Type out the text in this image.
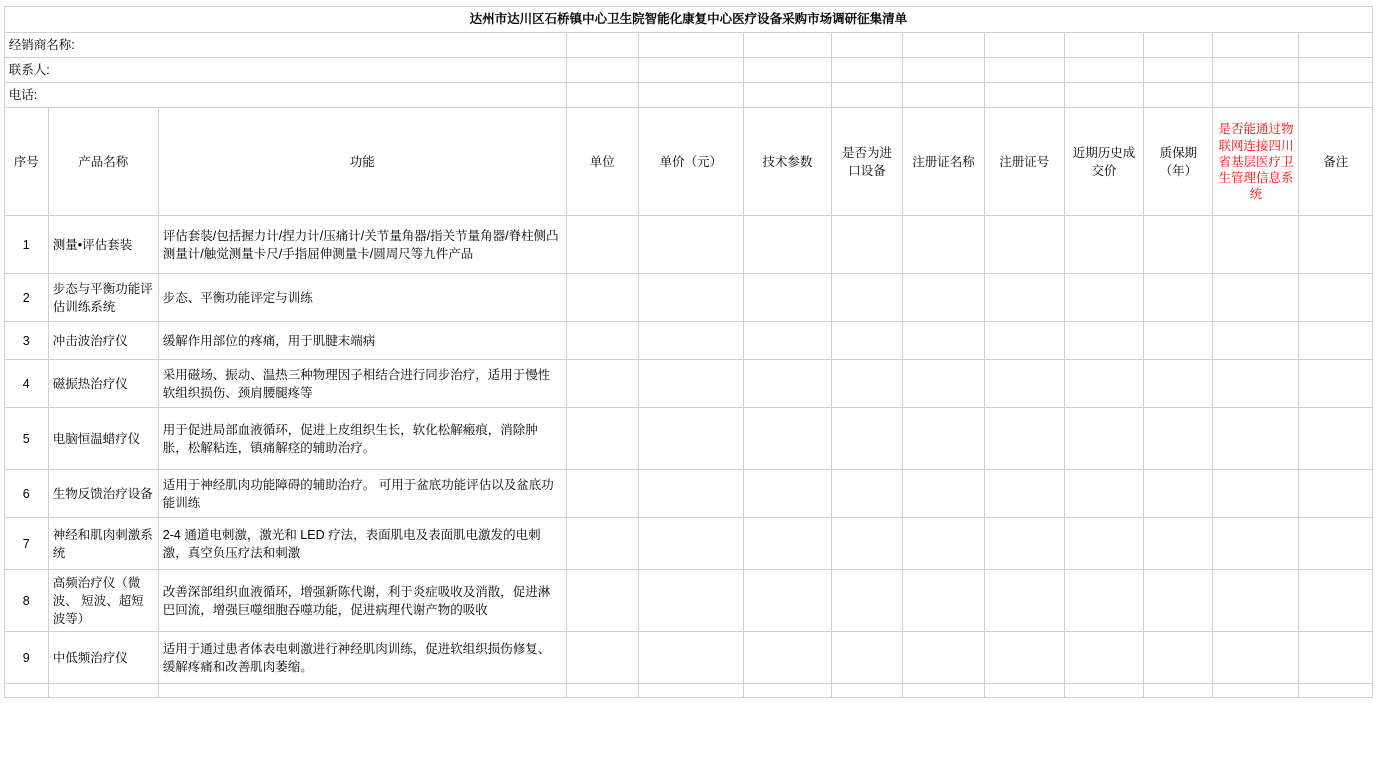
	达州市达川区石桥镇中心卫生院智能化康复中心医疗设备采购市场调研征集清单												
	经销商名称:												
	联系人:												
	电话:												
	序号	产品名称	功能	单位	单价（元）	技术参数	是否为进口设备	注册证名称	注册证号	近期历史成交价	质保期（年）	是否能通过物联网连接四川省基层医疗卫生管理信息系统	备注
	1	测量•评估套装	评估套装/包括握力计/捏力计/压痛计/关节量角器/指关节量角器/脊柱侧凸测量计/触觉测量卡尺/手指屈伸测量卡/圆周尺等九件产品										
	2	步态与平衡功能评估训练系统	步态、平衡功能评定与训练										
	3	冲击波治疗仪	缓解作用部位的疼痛，用于肌腱末端病										
	4	磁振热治疗仪	采用磁场、振动、温热三种物理因子相结合进行同步治疗，适用于慢性软组织损伤、颈肩腰腿疼等										
	5	电脑恒温蜡疗仪	用于促进局部血液循环，促进上皮组织生长，软化松解瘢痕，消除肿胀，松解粘连，镇痛解痉的辅助治疗。										
	6	生物反馈治疗设备	适用于神经肌肉功能障碍的辅助治疗。 可用于盆底功能评估以及盆底功能训练										
	7	神经和肌肉刺激系统	2-4 通道电刺激，激光和 LED 疗法，表面肌电及表面肌电激发的电刺激，真空负压疗法和刺激										
	8	高频治疗仪（微波、 短波、超短波等）	改善深部组织血液循环，增强新陈代谢，利于炎症吸收及消散，促进淋巴回流，增强巨噬细胞吞噬功能，促进病理代谢产物的吸收										
	9	中低频治疗仪	适用于通过患者体表电刺激进行神经肌肉训练，促进软组织损伤修复、缓解疼痛和改善肌肉萎缩。										
